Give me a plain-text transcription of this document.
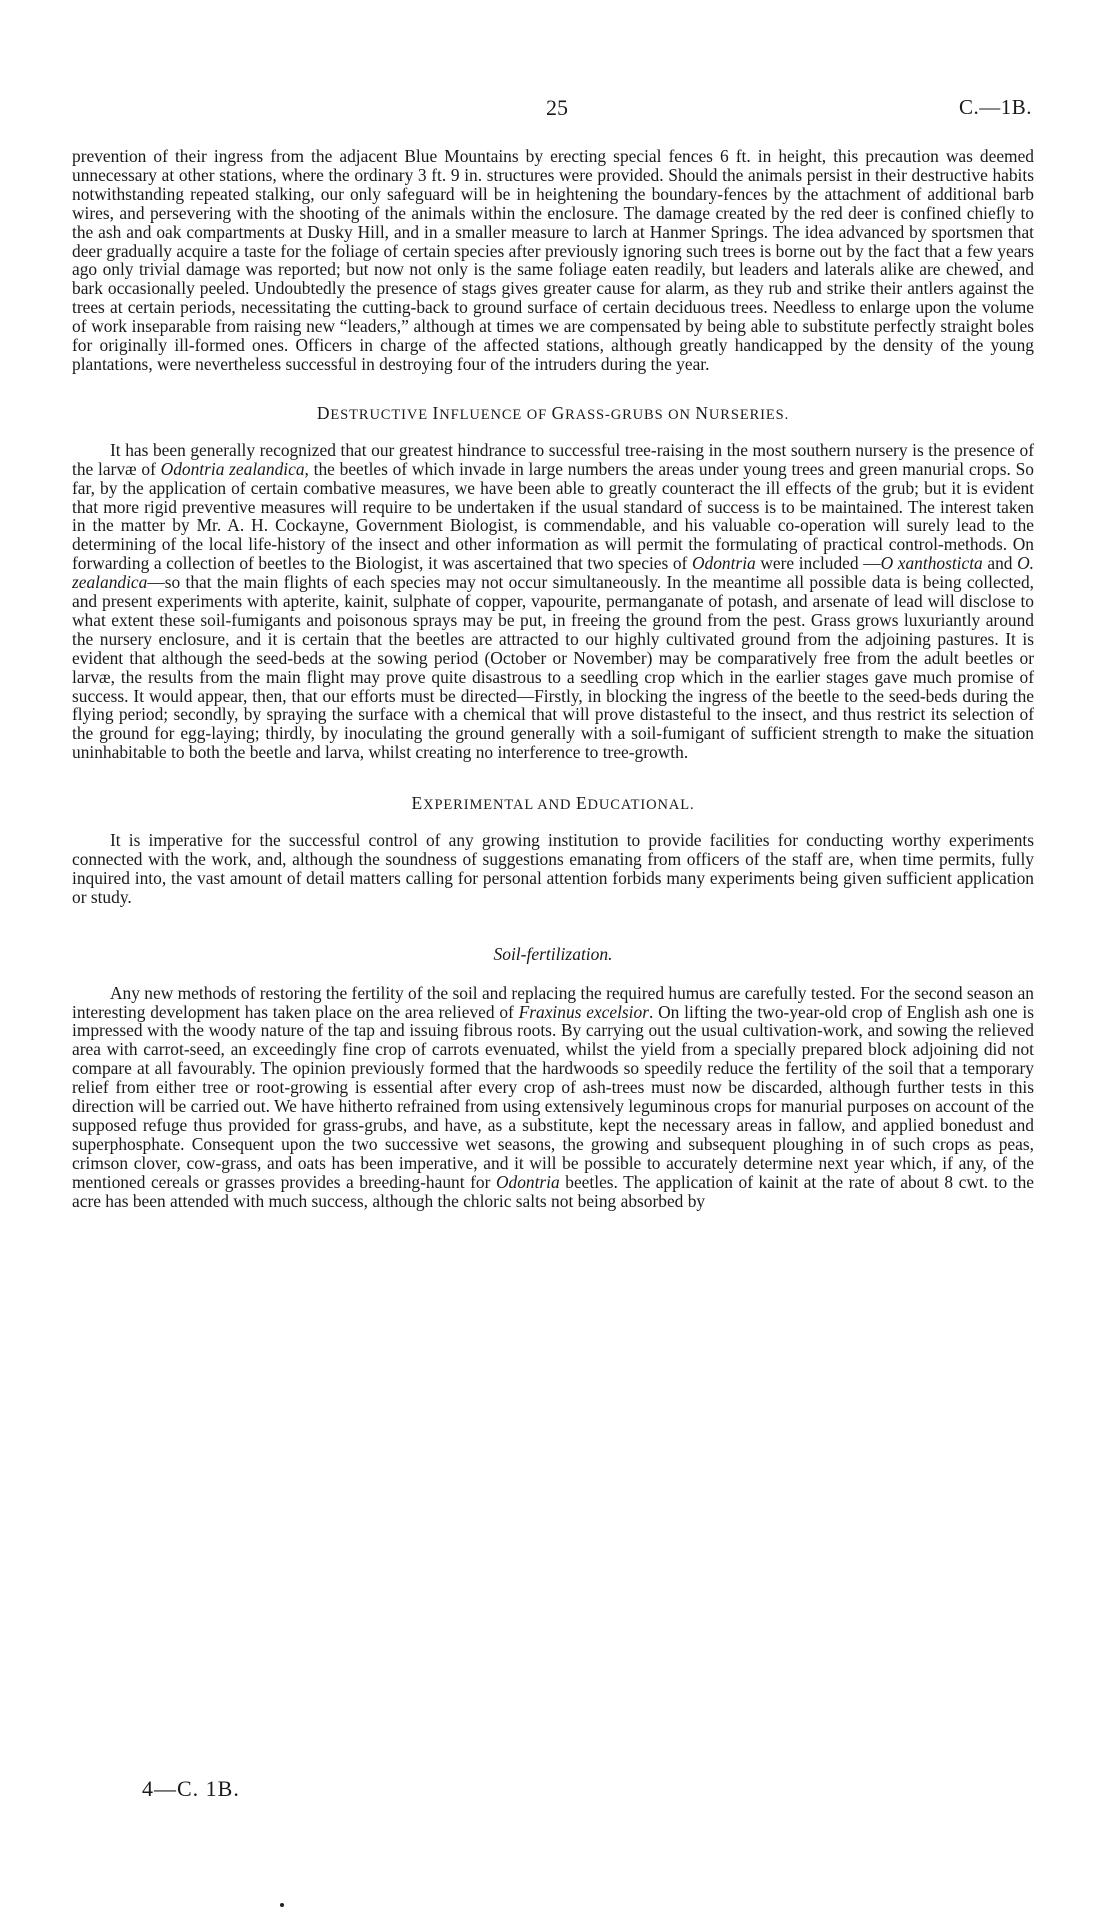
25	C.—1B.

prevention of their ingress from the adjacent Blue Mountains by erecting special fences 6 ft. in height, this precaution was deemed unnecessary at other stations, where the ordinary 3 ft. 9 in. structures were provided. Should the animals persist in their destructive habits notwithstanding repeated stalking, our only safeguard will be in heightening the boundary-fences by the attachment of additional barb wires, and persevering with the shooting of the animals within the enclosure. The damage created by the red deer is confined chiefly to the ash and oak compartments at Dusky Hill, and in a smaller measure to larch at Hanmer Springs. The idea advanced by sportsmen that deer gradually acquire a taste for the foliage of certain species after previously ignoring such trees is borne out by the fact that a few years ago only trivial damage was reported; but now not only is the same foliage eaten readily, but leaders and laterals alike are chewed, and bark occasionally peeled. Undoubtedly the presence of stags gives greater cause for alarm, as they rub and strike their antlers against the trees at certain periods, necessitating the cutting-back to ground surface of certain deciduous trees. Needless to enlarge upon the volume of work inseparable from raising new “leaders,” although at times we are compensated by being able to substitute perfectly straight boles for originally ill-formed ones. Officers in charge of the affected stations, although greatly handicapped by the density of the young plantations, were nevertheless successful in destroying four of the intruders during the year.

DESTRUCTIVE INFLUENCE OF GRASS-GRUBS ON NURSERIES.

It has been generally recognized that our greatest hindrance to successful tree-raising in the most southern nursery is the presence of the larvæ of Odontria zealandica, the beetles of which invade in large numbers the areas under young trees and green manurial crops. So far, by the application of certain combative measures, we have been able to greatly counteract the ill effects of the grub; but it is evident that more rigid preventive measures will require to be undertaken if the usual standard of success is to be maintained. The interest taken in the matter by Mr. A. H. Cockayne, Government Biologist, is commendable, and his valuable co-operation will surely lead to the determining of the local life-history of the insect and other information as will permit the formulating of practical control-methods. On forwarding a collection of beetles to the Biologist, it was ascertained that two species of Odontria were included —O xanthosticta and O. zealandica—so that the main flights of each species may not occur simultaneously. In the meantime all possible data is being collected, and present experiments with apterite, kainit, sulphate of copper, vapourite, permanganate of potash, and arsenate of lead will disclose to what extent these soil-fumigants and poisonous sprays may be put, in freeing the ground from the pest. Grass grows luxuriantly around the nursery enclosure, and it is certain that the beetles are attracted to our highly cultivated ground from the adjoining pastures. It is evident that although the seed-beds at the sowing period (October or November) may be comparatively free from the adult beetles or larvæ, the results from the main flight may prove quite disastrous to a seedling crop which in the earlier stages gave much promise of success. It would appear, then, that our efforts must be directed—Firstly, in blocking the ingress of the beetle to the seed-beds during the flying period; secondly, by spraying the surface with a chemical that will prove distasteful to the insect, and thus restrict its selection of the ground for egg-laying; thirdly, by inoculating the ground generally with a soil-fumigant of sufficient strength to make the situation uninhabitable to both the beetle and larva, whilst creating no interference to tree-growth.

EXPERIMENTAL AND EDUCATIONAL.

It is imperative for the successful control of any growing institution to provide facilities for conducting worthy experiments connected with the work, and, although the soundness of suggestions emanating from officers of the staff are, when time permits, fully inquired into, the vast amount of detail matters calling for personal attention forbids many experiments being given sufficient application or study.

Soil-fertilization.

Any new methods of restoring the fertility of the soil and replacing the required humus are carefully tested. For the second season an interesting development has taken place on the area relieved of Fraxinus excelsior. On lifting the two-year-old crop of English ash one is impressed with the woody nature of the tap and issuing fibrous roots. By carrying out the usual cultivation-work, and sowing the relieved area with carrot-seed, an exceedingly fine crop of carrots evenuated, whilst the yield from a specially prepared block adjoining did not compare at all favourably. The opinion previously formed that the hardwoods so speedily reduce the fertility of the soil that a temporary relief from either tree or root-growing is essential after every crop of ash-trees must now be discarded, although further tests in this direction will be carried out. We have hitherto refrained from using extensively leguminous crops for manurial purposes on account of the supposed refuge thus provided for grass-grubs, and have, as a substitute, kept the necessary areas in fallow, and applied bonedust and superphosphate. Consequent upon the two successive wet seasons, the growing and subsequent ploughing in of such crops as peas, crimson clover, cow-grass, and oats has been imperative, and it will be possible to accurately determine next year which, if any, of the mentioned cereals or grasses provides a breeding-haunt for Odontria beetles. The application of kainit at the rate of about 8 cwt. to the acre has been attended with much success, although the chloric salts not being absorbed by

4—C. 1B.
